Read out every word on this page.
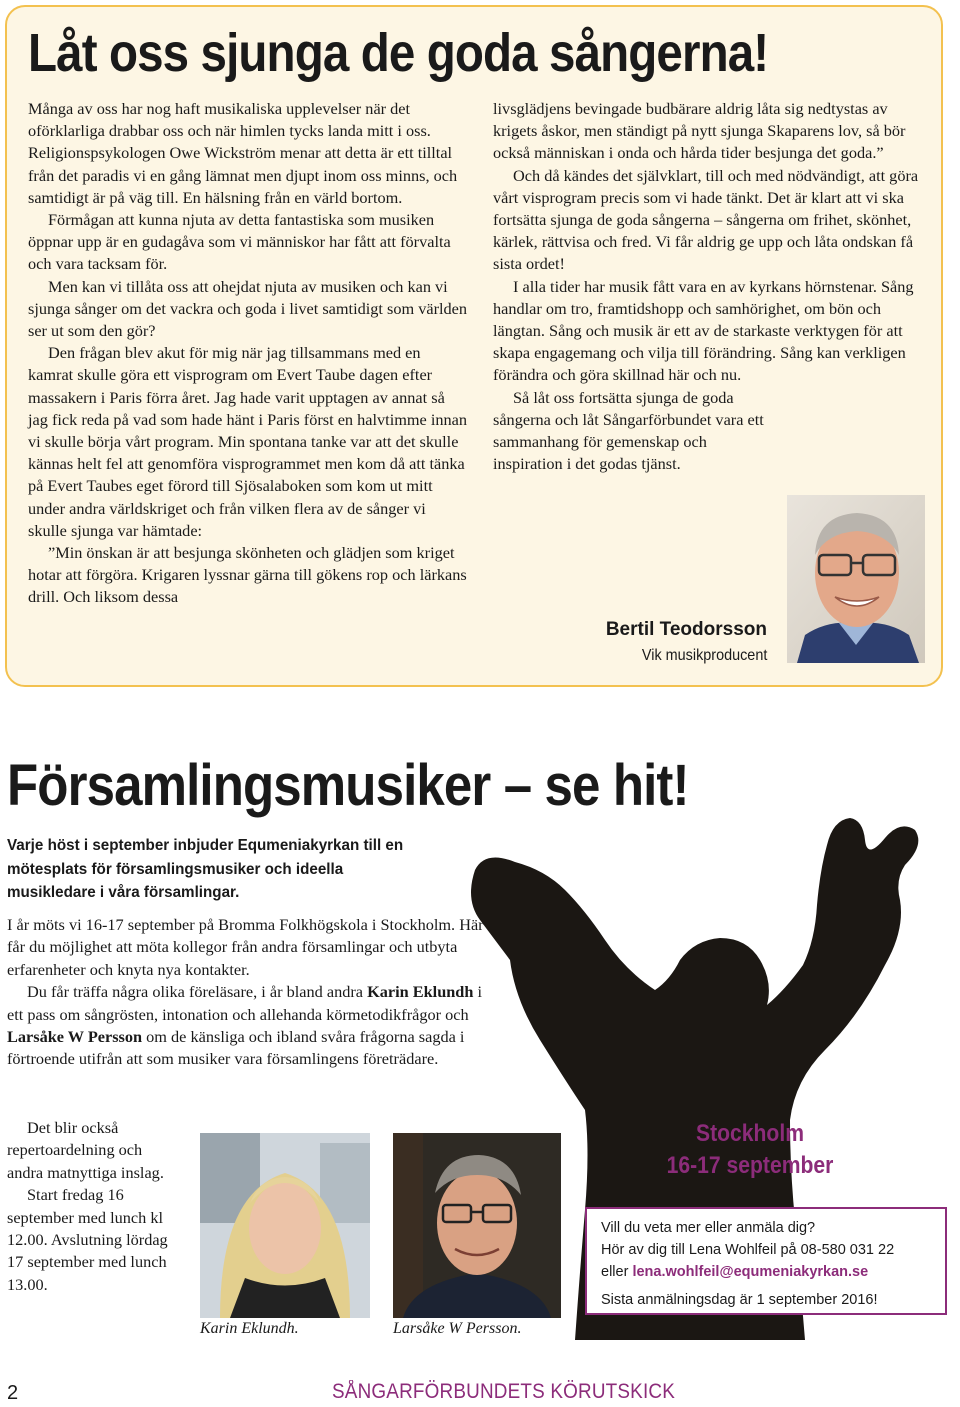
Låt oss sjunga de goda sångerna!

Många av oss har nog haft musikaliska upplevelser när det oförklarliga drabbar oss och när himlen tycks landa mitt i oss. Religionspsykologen Owe Wickström menar att detta är ett tilltal från det paradis vi en gång lämnat men djupt inom oss minns, och samtidigt är på väg till. En hälsning från en värld bortom.

Förmågan att kunna njuta av detta fantastiska som musiken öppnar upp är en gudagåva som vi människor har fått att förvalta och vara tacksam för.

Men kan vi tillåta oss att ohejdat njuta av musiken och kan vi sjunga sånger om det vackra och goda i livet samtidigt som världen ser ut som den gör?

Den frågan blev akut för mig när jag tillsammans med en kamrat skulle göra ett visprogram om Evert Taube dagen efter massakern i Paris förra året. Jag hade varit upptagen av annat så jag fick reda på vad som hade hänt i Paris först en halvtimme innan vi skulle börja vårt program. Min spontana tanke var att det skulle kännas helt fel att genomföra visprogrammet men kom då att tänka på Evert Taubes eget förord till Sjösalaboken som kom ut mitt under andra världskriget och från vilken flera av de sånger vi skulle sjunga var hämtade:

”Min önskan är att besjunga skönheten och glädjen som kriget hotar att förgöra. Krigaren lyssnar gärna till gökens rop och lärkans drill. Och liksom dessa

livsglädjens bevingade budbärare aldrig låta sig nedtystas av krigets åskor, men ständigt på nytt sjunga Skaparens lov, så bör också människan i onda och hårda tider besjunga det goda.”

Och då kändes det självklart, till och med nödvändigt, att göra vårt visprogram precis som vi hade tänkt. Det är klart att vi ska fortsätta sjunga de goda sångerna – sångerna om frihet, skönhet, kärlek, rättvisa och fred. Vi får aldrig ge upp och låta ondskan få sista ordet!

I alla tider har musik fått vara en av kyrkans hörnstenar. Sång handlar om tro, framtidshopp och samhörighet, om bön och längtan. Sång och musik är ett av de starkaste verktygen för att skapa engagemang och vilja till förändring. Sång kan verkligen förändra och göra skillnad här och nu.

Så låt oss fortsätta sjunga de goda sångerna och låt Sångarförbundet vara ett sammanhang för gemenskap och inspiration i det godas tjänst.

Bertil Teodorsson
Vik musikproducent
Församlingsmusiker – se hit!

Varje höst i september inbjuder Equmeniakyrkan till en mötesplats för församlingsmusiker och ideella musikledare i våra församlingar.

I år möts vi 16-17 september på Bromma Folkhögskola i Stockholm. Här får du möjlighet att möta kollegor från andra församlingar och utbyta erfarenheter och knyta nya kontakter.

Du får träffa några olika föreläsare, i år bland andra Karin Eklundh i ett pass om sångrösten, intonation och allehanda körmetodikfrågor och Larsåke W Persson om de känsliga och ibland svåra frågorna sagda i förtroende utifrån att som musiker vara församlingens företrädare.

Det blir också repertoardelning och andra matnyttiga inslag.

Start fredag 16 september med lunch kl 12.00. Avslutning lördag 17 september med lunch 13.00.

Karin Eklundh.	Larsåke W Persson.
Stockholm
16-17 september
Vill du veta mer eller anmäla dig?
Hör av dig till Lena Wohlfeil på 08-580 031 22
eller lena.wohlfeil@equmeniakyrkan.se
Sista anmälningsdag är 1 september 2016!
2	SÅNGARFÖRBUNDETS KÖRUTSKICK
